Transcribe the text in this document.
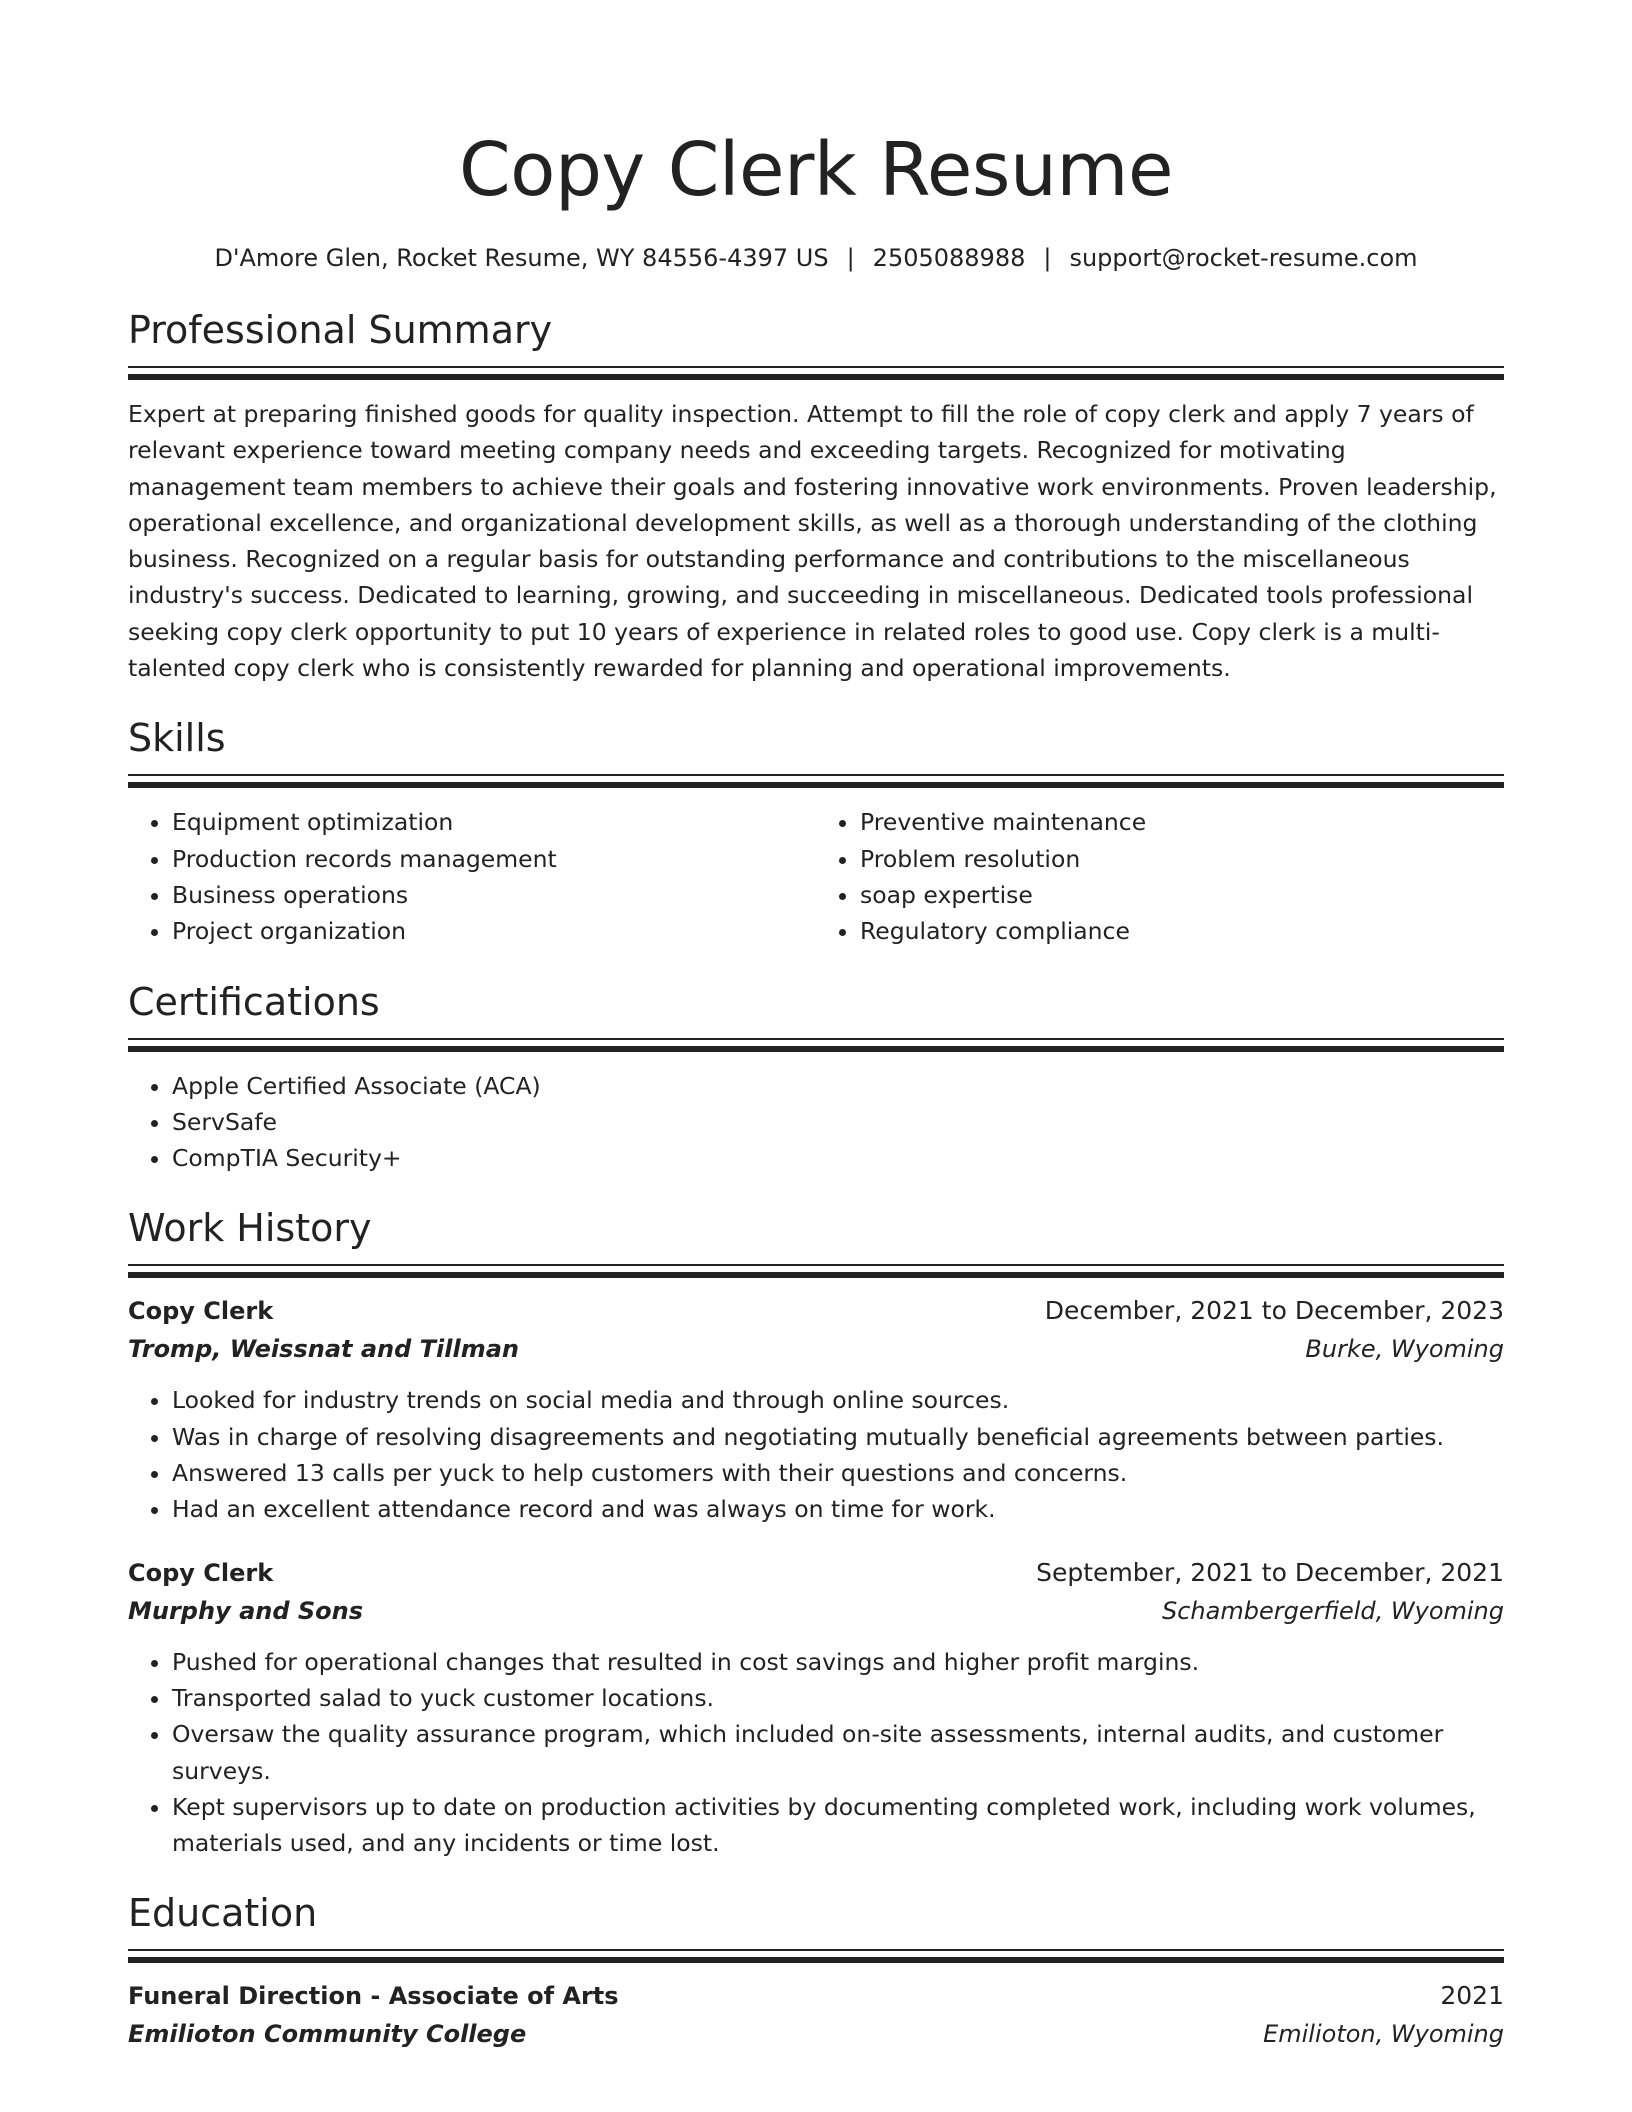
Copy Clerk Resume
D'Amore Glen, Rocket Resume, WY 84556-4397 US | 2505088988 | support@rocket-resume.com
Professional Summary
Expert at preparing finished goods for quality inspection. Attempt to fill the role of copy clerk and apply 7 years of relevant experience toward meeting company needs and exceeding targets. Recognized for motivating management team members to achieve their goals and fostering innovative work environments. Proven leadership, operational excellence, and organizational development skills, as well as a thorough understanding of the clothing business. Recognized on a regular basis for outstanding performance and contributions to the miscellaneous industry's success. Dedicated to learning, growing, and succeeding in miscellaneous. Dedicated tools professional seeking copy clerk opportunity to put 10 years of experience in related roles to good use. Copy clerk is a multi-talented copy clerk who is consistently rewarded for planning and operational improvements.
Skills
• Equipment optimization
• Production records management
• Business operations
• Project organization
• Preventive maintenance
• Problem resolution
• soap expertise
• Regulatory compliance
Certifications
• Apple Certified Associate (ACA)
• ServSafe
• CompTIA Security+
Work History
Copy Clerk	December, 2021 to December, 2023
Tromp, Weissnat and Tillman	Burke, Wyoming
• Looked for industry trends on social media and through online sources.
• Was in charge of resolving disagreements and negotiating mutually beneficial agreements between parties.
• Answered 13 calls per yuck to help customers with their questions and concerns.
• Had an excellent attendance record and was always on time for work.
Copy Clerk	September, 2021 to December, 2021
Murphy and Sons	Schambergerfield, Wyoming
• Pushed for operational changes that resulted in cost savings and higher profit margins.
• Transported salad to yuck customer locations.
• Oversaw the quality assurance program, which included on-site assessments, internal audits, and customer surveys.
• Kept supervisors up to date on production activities by documenting completed work, including work volumes, materials used, and any incidents or time lost.
Education
Funeral Direction - Associate of Arts	2021
Emilioton Community College	Emilioton, Wyoming
